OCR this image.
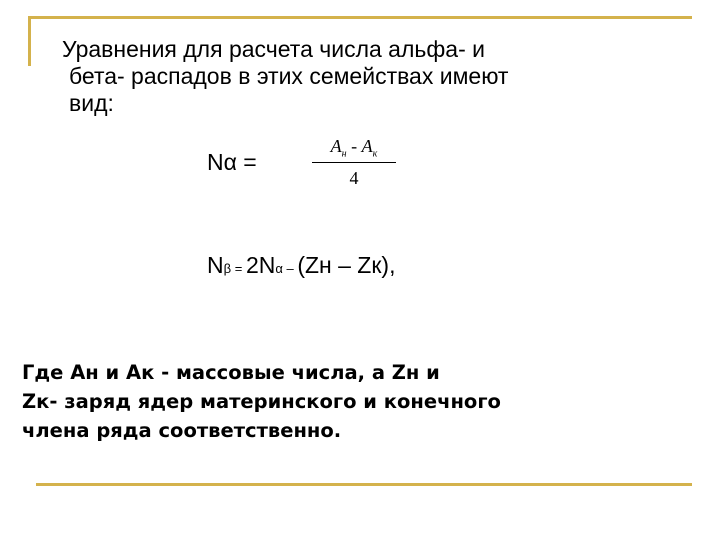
Уравнения для расчета числа альфа- и
бета- распадов в этих семействах имеют
вид:
Nα =
$A_н - A_к$
4
Nβ = 2Nα – (Zн – Zк),
Где Ан и Ак - массовые числа, а Zн и
Zк- заряд ядер материнского и конечного
члена ряда соответственно.
